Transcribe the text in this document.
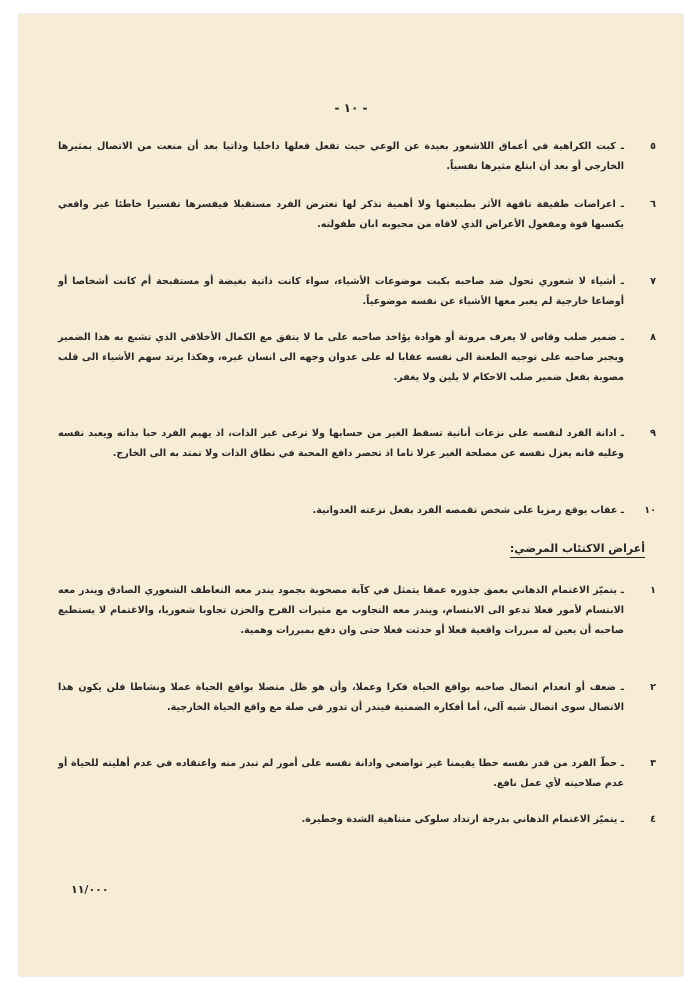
- ١٠ -
٥
ـ كبت الكراهية في أعماق اللاشعور بعيدة عن الوعي حيث تفعل فعلها داخليا وذاتيا بعد أن منعت من الاتصال بمثيرها الخارجي أو بعد أن ابتلع مثيرها نفسياً.
٦
ـ اعراضات طفيفة تافهة الأثر بطبيعتها ولا أهمية تذكر لها تعترض الفرد مستقبلا فيفسرها تفسيرا خاطئا غير واقعي يكسبها قوة ومفعول الأعراض الذي لاقاه من محبوبه ابان طفولته.
٧
ـ أشياء لا شعوري تحول ضد صاحبه بكبت موضوعات الأشياء، سواء كانت ذاتية بغيضة أو مستقبحة أم كانت أشخاصا أو أوضاعا خارجية لم يعبر معها الأشياء عن نفسه موضوعياً.
٨
ـ ضمير صلب وقاس لا يعرف مرونة أو هوادة يؤاخذ صاحبه على ما لا يتفق مع الكمال الأخلاقي الذي تشبع به هذا الضمير ويجبر صاحبه على توجيه الطعنة الى نفسه عقابا له على عدوان وجهه الى انسان غيره، وهكذا يرتد سهم الأشياء الى قلب مصوبة بفعل ضمير صلب الاحكام لا يلين ولا يغفر.
٩
ـ ادانة الفرد لنفسه على نزعات أنانية تسقط الغير من حسابها ولا ترعى غير الذات، اذ يهيم الفرد حبا بذاته ويعبد نفسه وعليه فانه يعزل نفسه عن مصلحة الغير عزلا تاما اذ تحصر دافع المحبة في نطاق الذات ولا تمتد به الى الخارج.
١٠
ـ عقاب يوقع رمزيا على شخص تقمصه الفرد بفعل نزعته العدوانية.
أعراض الاكتئاب المرضي:
١
ـ يتميّز الاغتمام الذهاني بعمق جذوره عمقا يتمثل في كآبة مصحوبة بجمود يندر معه التعاطف الشعوري الصادق ويندر معه الابتسام لأمور فعلا تدعو الى الابتسام، ويندر معه التجاوب مع مثيرات الفرح والحزن تجاوبا شعوريا، والاغتمام لا يستطيع صاحبه أن يعين له مبررات واقعية فعلا أو حدثت فعلا حتى وان دفع بمبررات وهمية.
٢
ـ ضعف أو انعدام اتصال صاحبه بواقع الحياة فكرا وعملا، وأن هو ظل متصلا بواقع الحياة عملا ونشاطا فلن يكون هذا الاتصال سوى اتصال شبه آلي، أما أفكاره الضمنية فيندر أن تدور في صلة مع واقع الحياة الخارجية.
٣
ـ حطّ الفرد من قدر نفسه حطا يقيمنا غير تواضعي وادانة نفسه على أمور لم تبدر منه واعتقاده في عدم أهليته للحياة أو عدم صلاحيته لأي عمل نافع.
٤
ـ يتميّز الاغتمام الذهاني بدرجة ارتداد سلوكي متناهية الشدة وخطيرة.
١١/٠٠٠
